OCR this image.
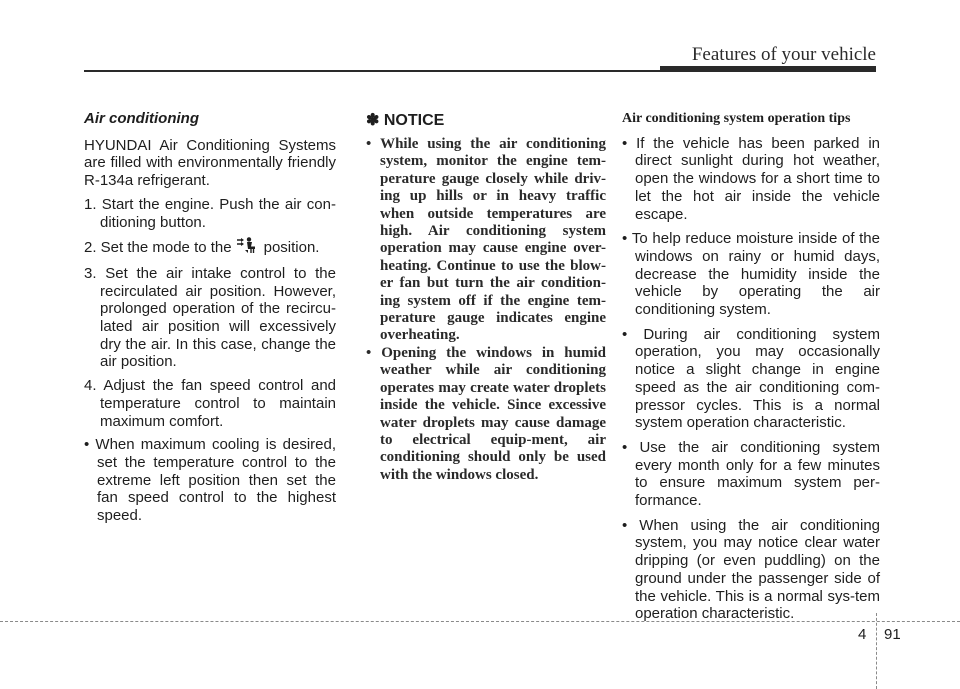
Features of your vehicle
Air conditioning

HYUNDAI Air Conditioning Systems are filled with environmentally friendly R-134a refrigerant.

1. Start the engine. Push the air con-ditioning button.

2. Set the mode to the position.

3. Set the air intake control to the recirculated air position. However, prolonged operation of the recircu-lated air position will excessively dry the air. In this case, change the air position.

4. Adjust the fan speed control and temperature control to maintain maximum comfort.

• When maximum cooling is desired, set the temperature control to the extreme left position then set the fan speed control to the highest speed.

✽ NOTICE

• While using the air conditioning system, monitor the engine tem-perature gauge closely while driv-ing up hills or in heavy traffic when outside temperatures are high. Air conditioning system operation may cause engine over-heating. Continue to use the blow-er fan but turn the air condition-ing system off if the engine tem-perature gauge indicates engine overheating.

• Opening the windows in humid weather while air conditioning operates may create water droplets inside the vehicle. Since excessive water droplets may cause damage to electrical equip-ment, air conditioning should only be used with the windows closed.

Air conditioning system operation tips

• If the vehicle has been parked in direct sunlight during hot weather, open the windows for a short time to let the hot air inside the vehicle escape.

• To help reduce moisture inside of the windows on rainy or humid days, decrease the humidity inside the vehicle by operating the air conditioning system.

• During air conditioning system operation, you may occasionally notice a slight change in engine speed as the air conditioning com-pressor cycles. This is a normal system operation characteristic.

• Use the air conditioning system every month only for a few minutes to ensure maximum system per-formance.

• When using the air conditioning system, you may notice clear water dripping (or even puddling) on the ground under the passenger side of the vehicle. This is a normal sys-tem operation characteristic.

4 91
